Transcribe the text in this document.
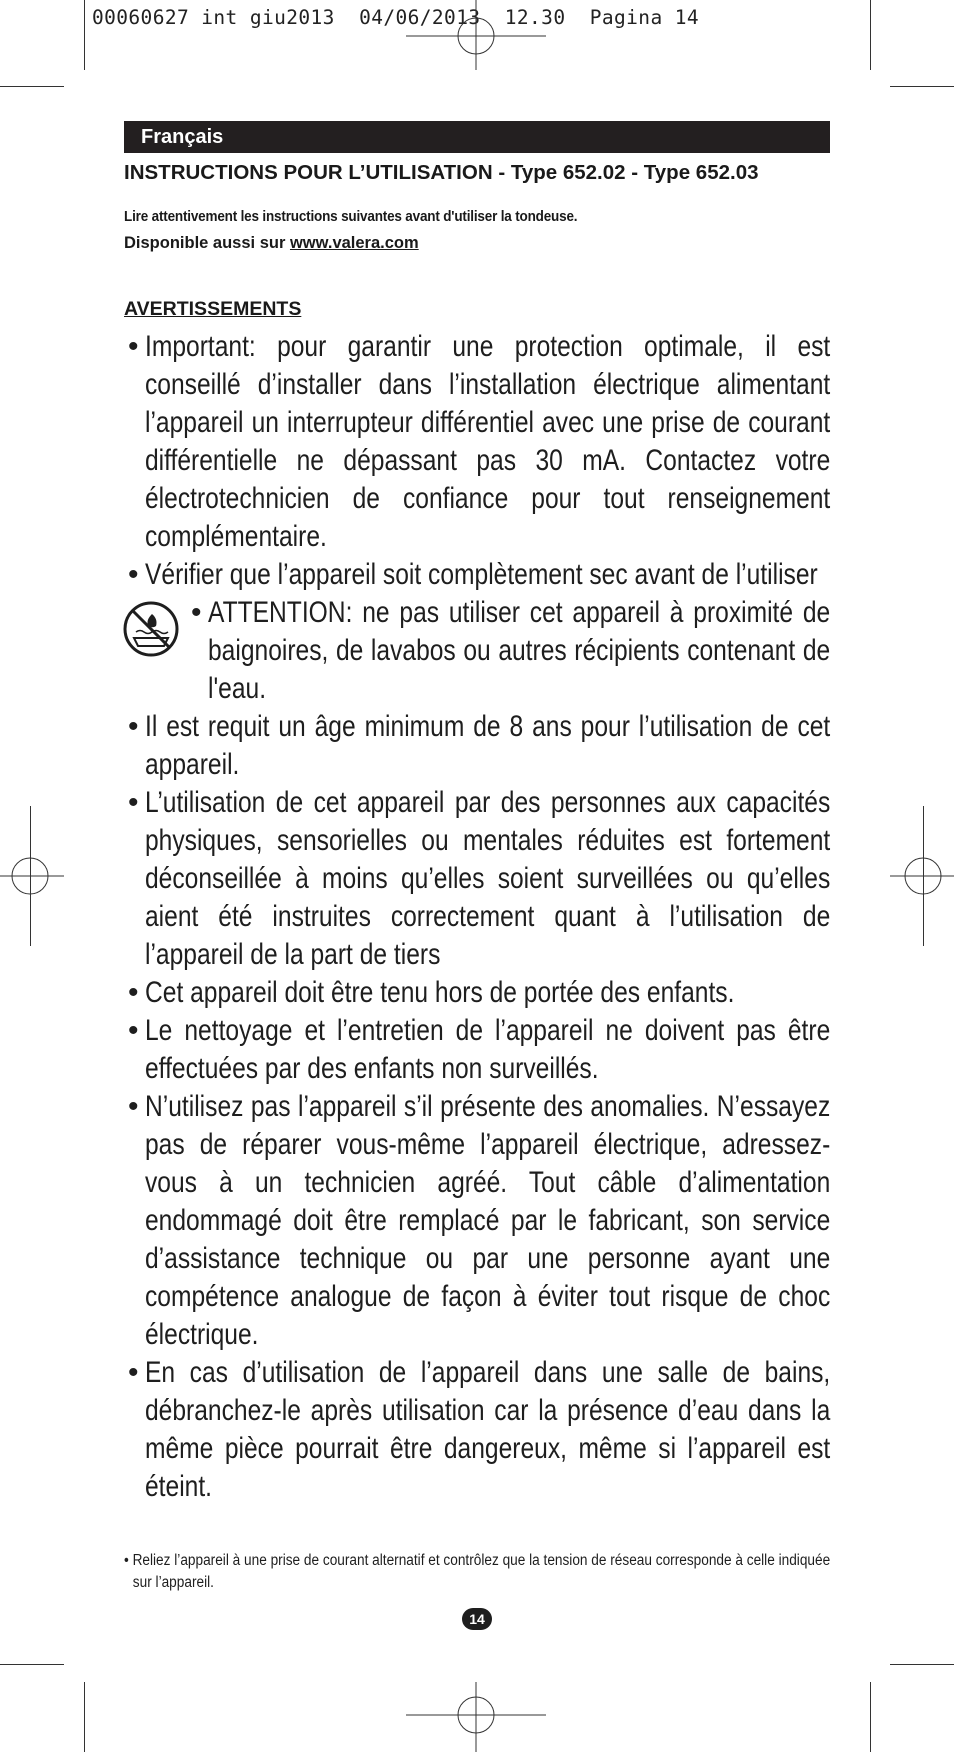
00060627 int giu2013  04/06/2013  12.30  Pagina 14
Français
INSTRUCTIONS POUR L’UTILISATION - Type 652.02 - Type 652.03
Lire attentivement les instructions suivantes avant d'utiliser la tondeuse.
Disponible aussi sur www.valera.com
AVERTISSEMENTS
• Important: pour garantir une protection optimale, il est conseillé d’installer dans l’installation électrique alimentant l’appareil un interrupteur différentiel avec une prise de courant différentielle ne dépassant pas 30 mA. Contactez votre électrotechnicien de confiance pour tout renseignement complémentaire.
• Vérifier que l’appareil soit complètement sec avant de l’utiliser
• ATTENTION: ne pas utiliser cet appareil à proximité de baignoires, de lavabos ou autres récipients contenant de l'eau.
• Il est requit un âge minimum de 8 ans pour l’utilisation de cet appareil.
• L’utilisation de cet appareil par des personnes aux capacités physiques, sensorielles ou mentales réduites est fortement déconseillée à moins qu’elles soient surveillées ou qu’elles aient été instruites correctement quant à l’utilisation de l’appareil de la part de tiers
• Cet appareil doit être tenu hors de portée des enfants.
• Le nettoyage et l’entretien de l’appareil ne doivent pas être effectuées par des enfants non surveillés.
• N’utilisez pas l’appareil s’il présente des anomalies. N’essayez pas de réparer vous-même l’appareil électrique, adressez-vous à un technicien agréé. Tout câble d’alimentation endommagé doit être remplacé par le fabricant, son service d’assistance technique ou par une personne ayant une compétence analogue de façon à éviter tout risque de choc électrique.
• En cas d’utilisation de l’appareil dans une salle de bains, débranchez-le après utilisation car la présence d’eau dans la même pièce pourrait être dangereux, même si l’appareil est éteint.
• Reliez l’appareil à une prise de courant alternatif et contrôlez que la tension de réseau corresponde à celle indiquée sur l’appareil.
14
